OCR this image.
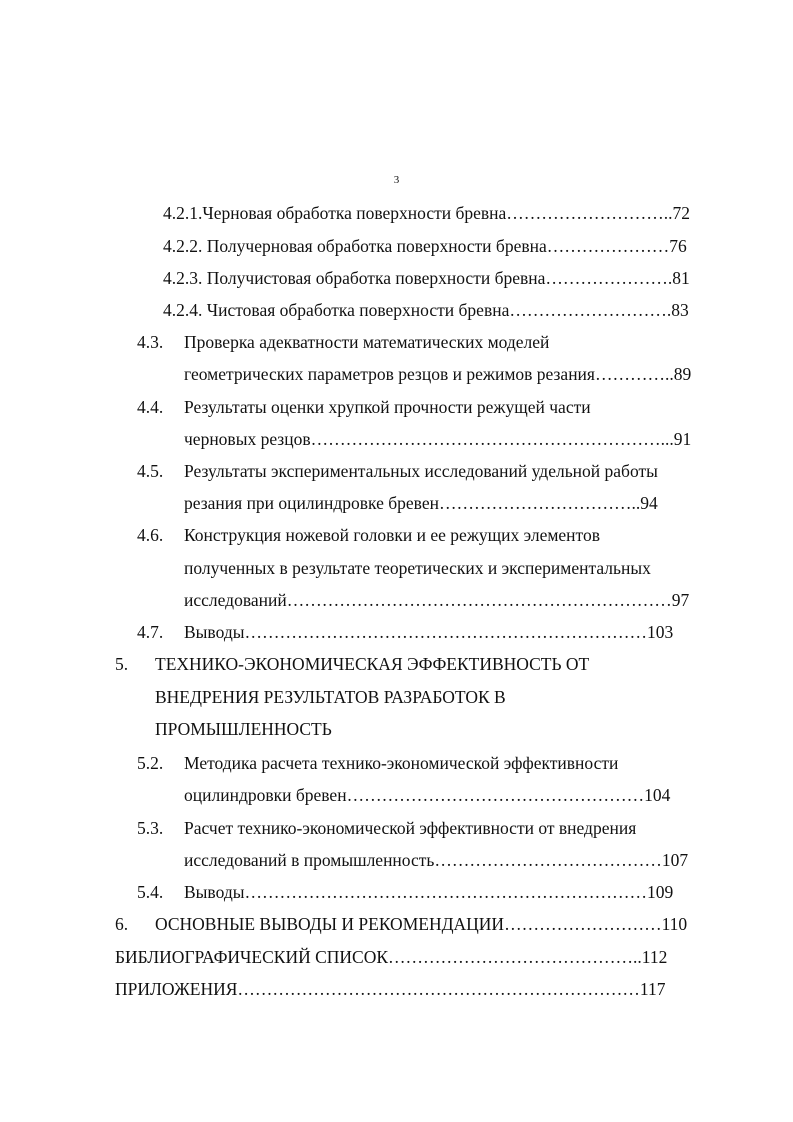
3
4.2.1.Черновая обработка поверхности бревна………………………..72
4.2.2. Получерновая обработка поверхности бревна…………………76
4.2.3. Получистовая обработка поверхности бревна………………….81
4.2.4. Чистовая обработка поверхности бревна……………………….83
4.3. Проверка адекватности математических моделей
геометрических параметров резцов и режимов резания…………..89
4.4. Результаты оценки хрупкой прочности режущей части
черновых резцов……………………………………………………...91
4.5. Результаты экспериментальных исследований удельной работы
резания при оцилиндровке бревен……………………………..94
4.6. Конструкция ножевой головки и ее режущих элементов
полученных в результате теоретических и экспериментальных
исследований…………………………………………………………97
4.7. Выводы……………………………………………………………103
5. ТЕХНИКО-ЭКОНОМИЧЕСКАЯ ЭФФЕКТИВНОСТЬ ОТ
ВНЕДРЕНИЯ РЕЗУЛЬТАТОВ РАЗРАБОТОК В
ПРОМЫШЛЕННОСТЬ
5.2. Методика расчета технико-экономической эффективности
оцилиндровки бревен……………………………………………104
5.3. Расчет технико-экономической эффективности от внедрения
исследований в промышленность…………………………………107
5.4. Выводы……………………………………………………………109
6. ОСНОВНЫЕ ВЫВОДЫ И РЕКОМЕНДАЦИИ………………………110
БИБЛИОГРАФИЧЕСКИЙ СПИСОК……………………………………..112
ПРИЛОЖЕНИЯ……………………………………………………………117
